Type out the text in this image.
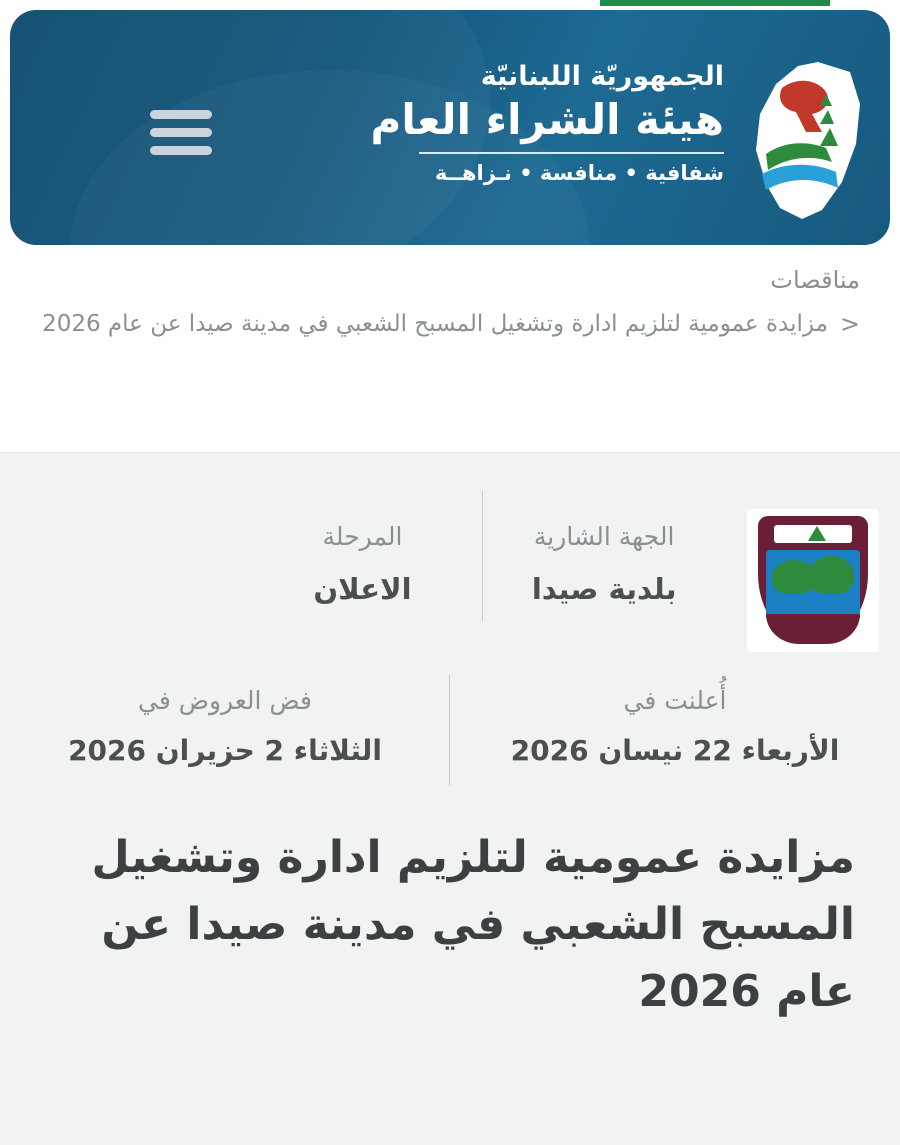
الجمهوريّة اللبنانيّة
هيئة الشراء العام
شفافية • منافسة • نـزاهــة
مناقصات
>
مزايدة عمومية لتلزيم ادارة وتشغيل المسبح الشعبي في مدينة صيدا عن عام 2026
الجهة الشارية
بلدية صيدا
المرحلة
الاعلان
أُعلنت في
الأربعاء 22 نيسان 2026
فض العروض في
الثلاثاء 2 حزيران 2026
مزايدة عمومية لتلزيم ادارة وتشغيل المسبح الشعبي في مدينة صيدا عن عام 2026
